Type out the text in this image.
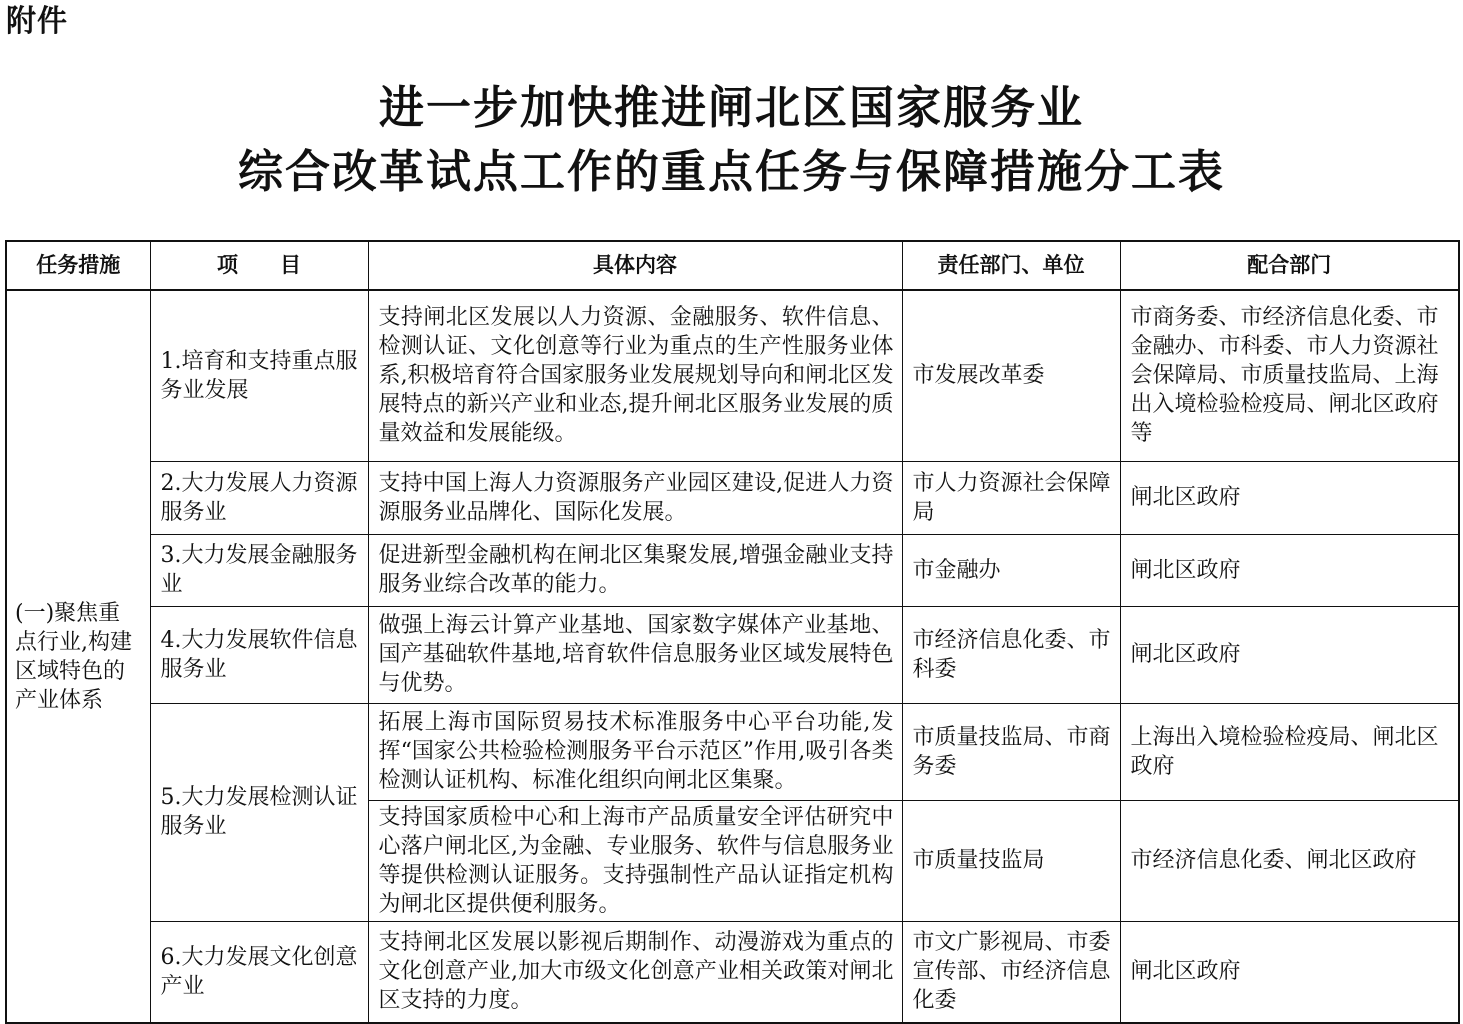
附件
进一步加快推进闸北区国家服务业
综合改革试点工作的重点任务与保障措施分工表
任务措施	项　　目	具体内容	责任部门、单位	配合部门
(一)聚焦重点行业,构建区域特色的产业体系	1.培育和支持重点服务业发展	支持闸北区发展以人力资源、金融服务、软件信息、检测认证、文化创意等行业为重点的生产性服务业体系,积极培育符合国家服务业发展规划导向和闸北区发展特点的新兴产业和业态,提升闸北区服务业发展的质量效益和发展能级。	市发展改革委	市商务委、市经济信息化委、市金融办、市科委、市人力资源社会保障局、市质量技监局、上海出入境检验检疫局、闸北区政府等
	2.大力发展人力资源服务业	支持中国上海人力资源服务产业园区建设,促进人力资源服务业品牌化、国际化发展。	市人力资源社会保障局	闸北区政府
	3.大力发展金融服务业	促进新型金融机构在闸北区集聚发展,增强金融业支持服务业综合改革的能力。	市金融办	闸北区政府
	4.大力发展软件信息服务业	做强上海云计算产业基地、国家数字媒体产业基地、国产基础软件基地,培育软件信息服务业区域发展特色与优势。	市经济信息化委、市科委	闸北区政府
	5.大力发展检测认证服务业	拓展上海市国际贸易技术标准服务中心平台功能,发挥“国家公共检验检测服务平台示范区”作用,吸引各类检测认证机构、标准化组织向闸北区集聚。	市质量技监局、市商务委	上海出入境检验检疫局、闸北区政府
		支持国家质检中心和上海市产品质量安全评估研究中心落户闸北区,为金融、专业服务、软件与信息服务业等提供检测认证服务。支持强制性产品认证指定机构为闸北区提供便利服务。	市质量技监局	市经济信息化委、闸北区政府
	6.大力发展文化创意产业	支持闸北区发展以影视后期制作、动漫游戏为重点的文化创意产业,加大市级文化创意产业相关政策对闸北区支持的力度。	市文广影视局、市委宣传部、市经济信息化委	闸北区政府
